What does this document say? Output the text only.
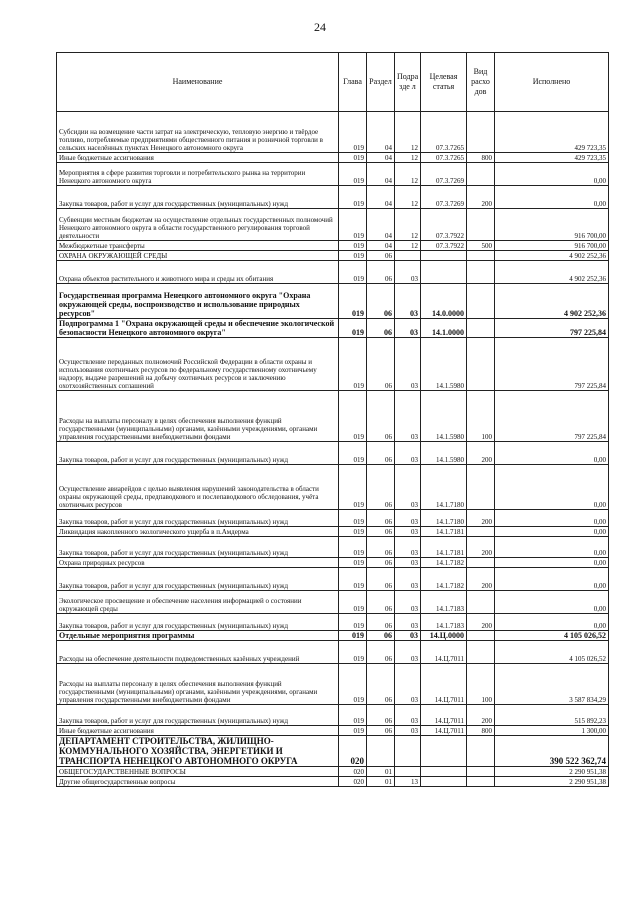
24
Наименование	Глава	Раздел	Подра зде л	Целевая статья	Вид расхо дов	Исполнено
Субсидии на возмещение части затрат на электрическую, тепловую энергию и твёрдое топливо, потребляемые предприятиями общественного питания и розничной торговли в сельских населённых пунктах Ненецкого автономного округа	019	04	12	07.3.7265		429 723,35
Иные бюджетные ассигнования	019	04	12	07.3.7265	800	429 723,35
Мероприятия в сфере развития торговли и потребительского рынка на территории Ненецкого автономного округа	019	04	12	07.3.7269		0,00
Закупка товаров, работ и услуг для государственных (муниципальных) нужд	019	04	12	07.3.7269	200	0,00
Субвенции местным бюджетам на осуществление отдельных государственных полномочий Ненецкого автономного округа в области государственного регулирования торговой деятельности	019	04	12	07.3.7922		916 700,00
Межбюджетные трансферты	019	04	12	07.3.7922	500	916 700,00
ОХРАНА ОКРУЖАЮЩЕЙ СРЕДЫ	019	06				4 902 252,36
Охрана объектов растительного и животного мира и среды их обитания	019	06	03			4 902 252,36
Государственная программа Ненецкого автономного округа "Охрана окружающей среды, воспроизводство и использование природных ресурсов"	019	06	03	14.0.0000		4 902 252,36
Подпрограмма 1 "Охрана окружающей среды и обеспечение экологической безопасности Ненецкого автономного округа"	019	06	03	14.1.0000		797 225,84
Осуществление переданных полномочий Российской Федерации в области охраны и использования охотничьих ресурсов по федеральному государственному охотничьему надзору, выдаче разрешений на добычу охотничьих ресурсов и заключению охотхозяйственных соглашений	019	06	03	14.1.5980		797 225,84
Расходы на выплаты персоналу в целях обеспечения выполнения функций государственными (муниципальными) органами, казёнными учреждениями, органами управления государственными внебюджетными фондами	019	06	03	14.1.5980	100	797 225,84
Закупка товаров, работ и услуг для государственных (муниципальных) нужд	019	06	03	14.1.5980	200	0,00
Осуществление авиарейдов с целью выявления нарушений законодательства в области охраны окружающей среды, предпаводкового и послепаводкового обследования, учёта охотничьих ресурсов	019	06	03	14.1.7180		0,00
Закупка товаров, работ и услуг для государственных (муниципальных) нужд	019	06	03	14.1.7180	200	0,00
Ликвидация накопленного экологического ущерба в п.Амдерма	019	06	03	14.1.7181		0,00
Закупка товаров, работ и услуг для государственных (муниципальных) нужд	019	06	03	14.1.7181	200	0,00
Охрана природных ресурсов	019	06	03	14.1.7182		0,00
Закупка товаров, работ и услуг для государственных (муниципальных) нужд	019	06	03	14.1.7182	200	0,00
Экологическое просвещение и обеспечение населения информацией о состоянии окружающей среды	019	06	03	14.1.7183		0,00
Закупка товаров, работ и услуг для государственных (муниципальных) нужд	019	06	03	14.1.7183	200	0,00
Отдельные мероприятия программы	019	06	03	14.Ц.0000		4 105 026,52
Расходы на обеспечение деятельности подведомственных казённых учреждений	019	06	03	14.Ц.7011		4 105 026,52
Расходы на выплаты персоналу в целях обеспечения выполнения функций государственными (муниципальными) органами, казёнными учреждениями, органами управления государственными внебюджетными фондами	019	06	03	14.Ц.7011	100	3 587 834,29
Закупка товаров, работ и услуг для государственных (муниципальных) нужд	019	06	03	14.Ц.7011	200	515 892,23
Иные бюджетные ассигнования	019	06	03	14.Ц.7011	800	1 300,00
ДЕПАРТАМЕНТ СТРОИТЕЛЬСТВА, ЖИЛИЩНО-КОММУНАЛЬНОГО ХОЗЯЙСТВА, ЭНЕРГЕТИКИ И ТРАНСПОРТА НЕНЕЦКОГО АВТОНОМНОГО ОКРУГА	020					390 522 362,74
ОБЩЕГОСУДАРСТВЕННЫЕ ВОПРОСЫ	020	01				2 290 951,38
Другие общегосударственные вопросы	020	01	13			2 290 951,38
